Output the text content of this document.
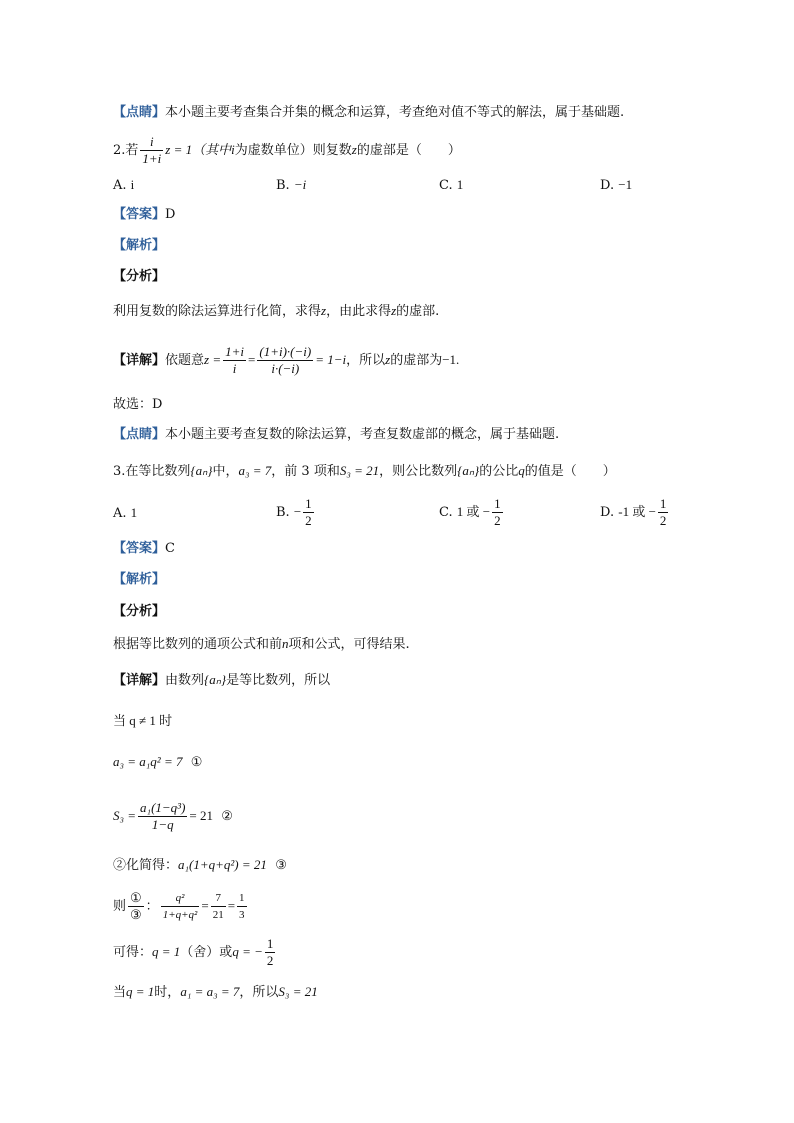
【点睛】本小题主要考查集合并集的概念和运算，考查绝对值不等式的解法，属于基础题.
2.若 $\frac{i}{1+i}$ z = 1（其中i为虚数单位）则复数z的虚部是（　　）
A. i	B. −i	C. 1	D. −1
【答案】D
【解析】
【分析】
利用复数的除法运算进行化简，求得z，由此求得z的虚部.
【详解】依题意$z = \frac{1+i}{i} = \frac{(1+i)\cdot(-i)}{i\cdot(-i)} = 1-i$，所以z的虚部为−1.
故选：D
【点睛】本小题主要考查复数的除法运算，考查复数虚部的概念，属于基础题.
3.在等比数列{aₙ}中，a₃ = 7，前 3 项和S₃ = 21，则公比数列{aₙ}的公比q的值是（　　）
A. 1	B. − $\frac{1}{2}$	C. 1 或 − $\frac{1}{2}$	D. -1 或 − $\frac{1}{2}$
【答案】C
【解析】
【分析】
根据等比数列的通项公式和前n项和公式，可得结果.
【详解】由数列{aₙ}是等比数列，所以
当 q ≠ 1 时
a₃ = a₁q² = 7 ①
$S_3 = \frac{\text{a₁(1−q³)}}{1-q} = 21$ ②
②化简得：a₁(1+q+q²) = 21 ③
则 $\frac{\text{①}}{\text{③}}$ ： $\frac{\text{q²}}{\text{1+q+q²}} = \frac{7}{21} = \frac{1}{3}$
可得：q = 1（舍）或q = − $\frac{1}{2}$
当q = 1时，a₁ = a₃ = 7，所以S₃ = 21
